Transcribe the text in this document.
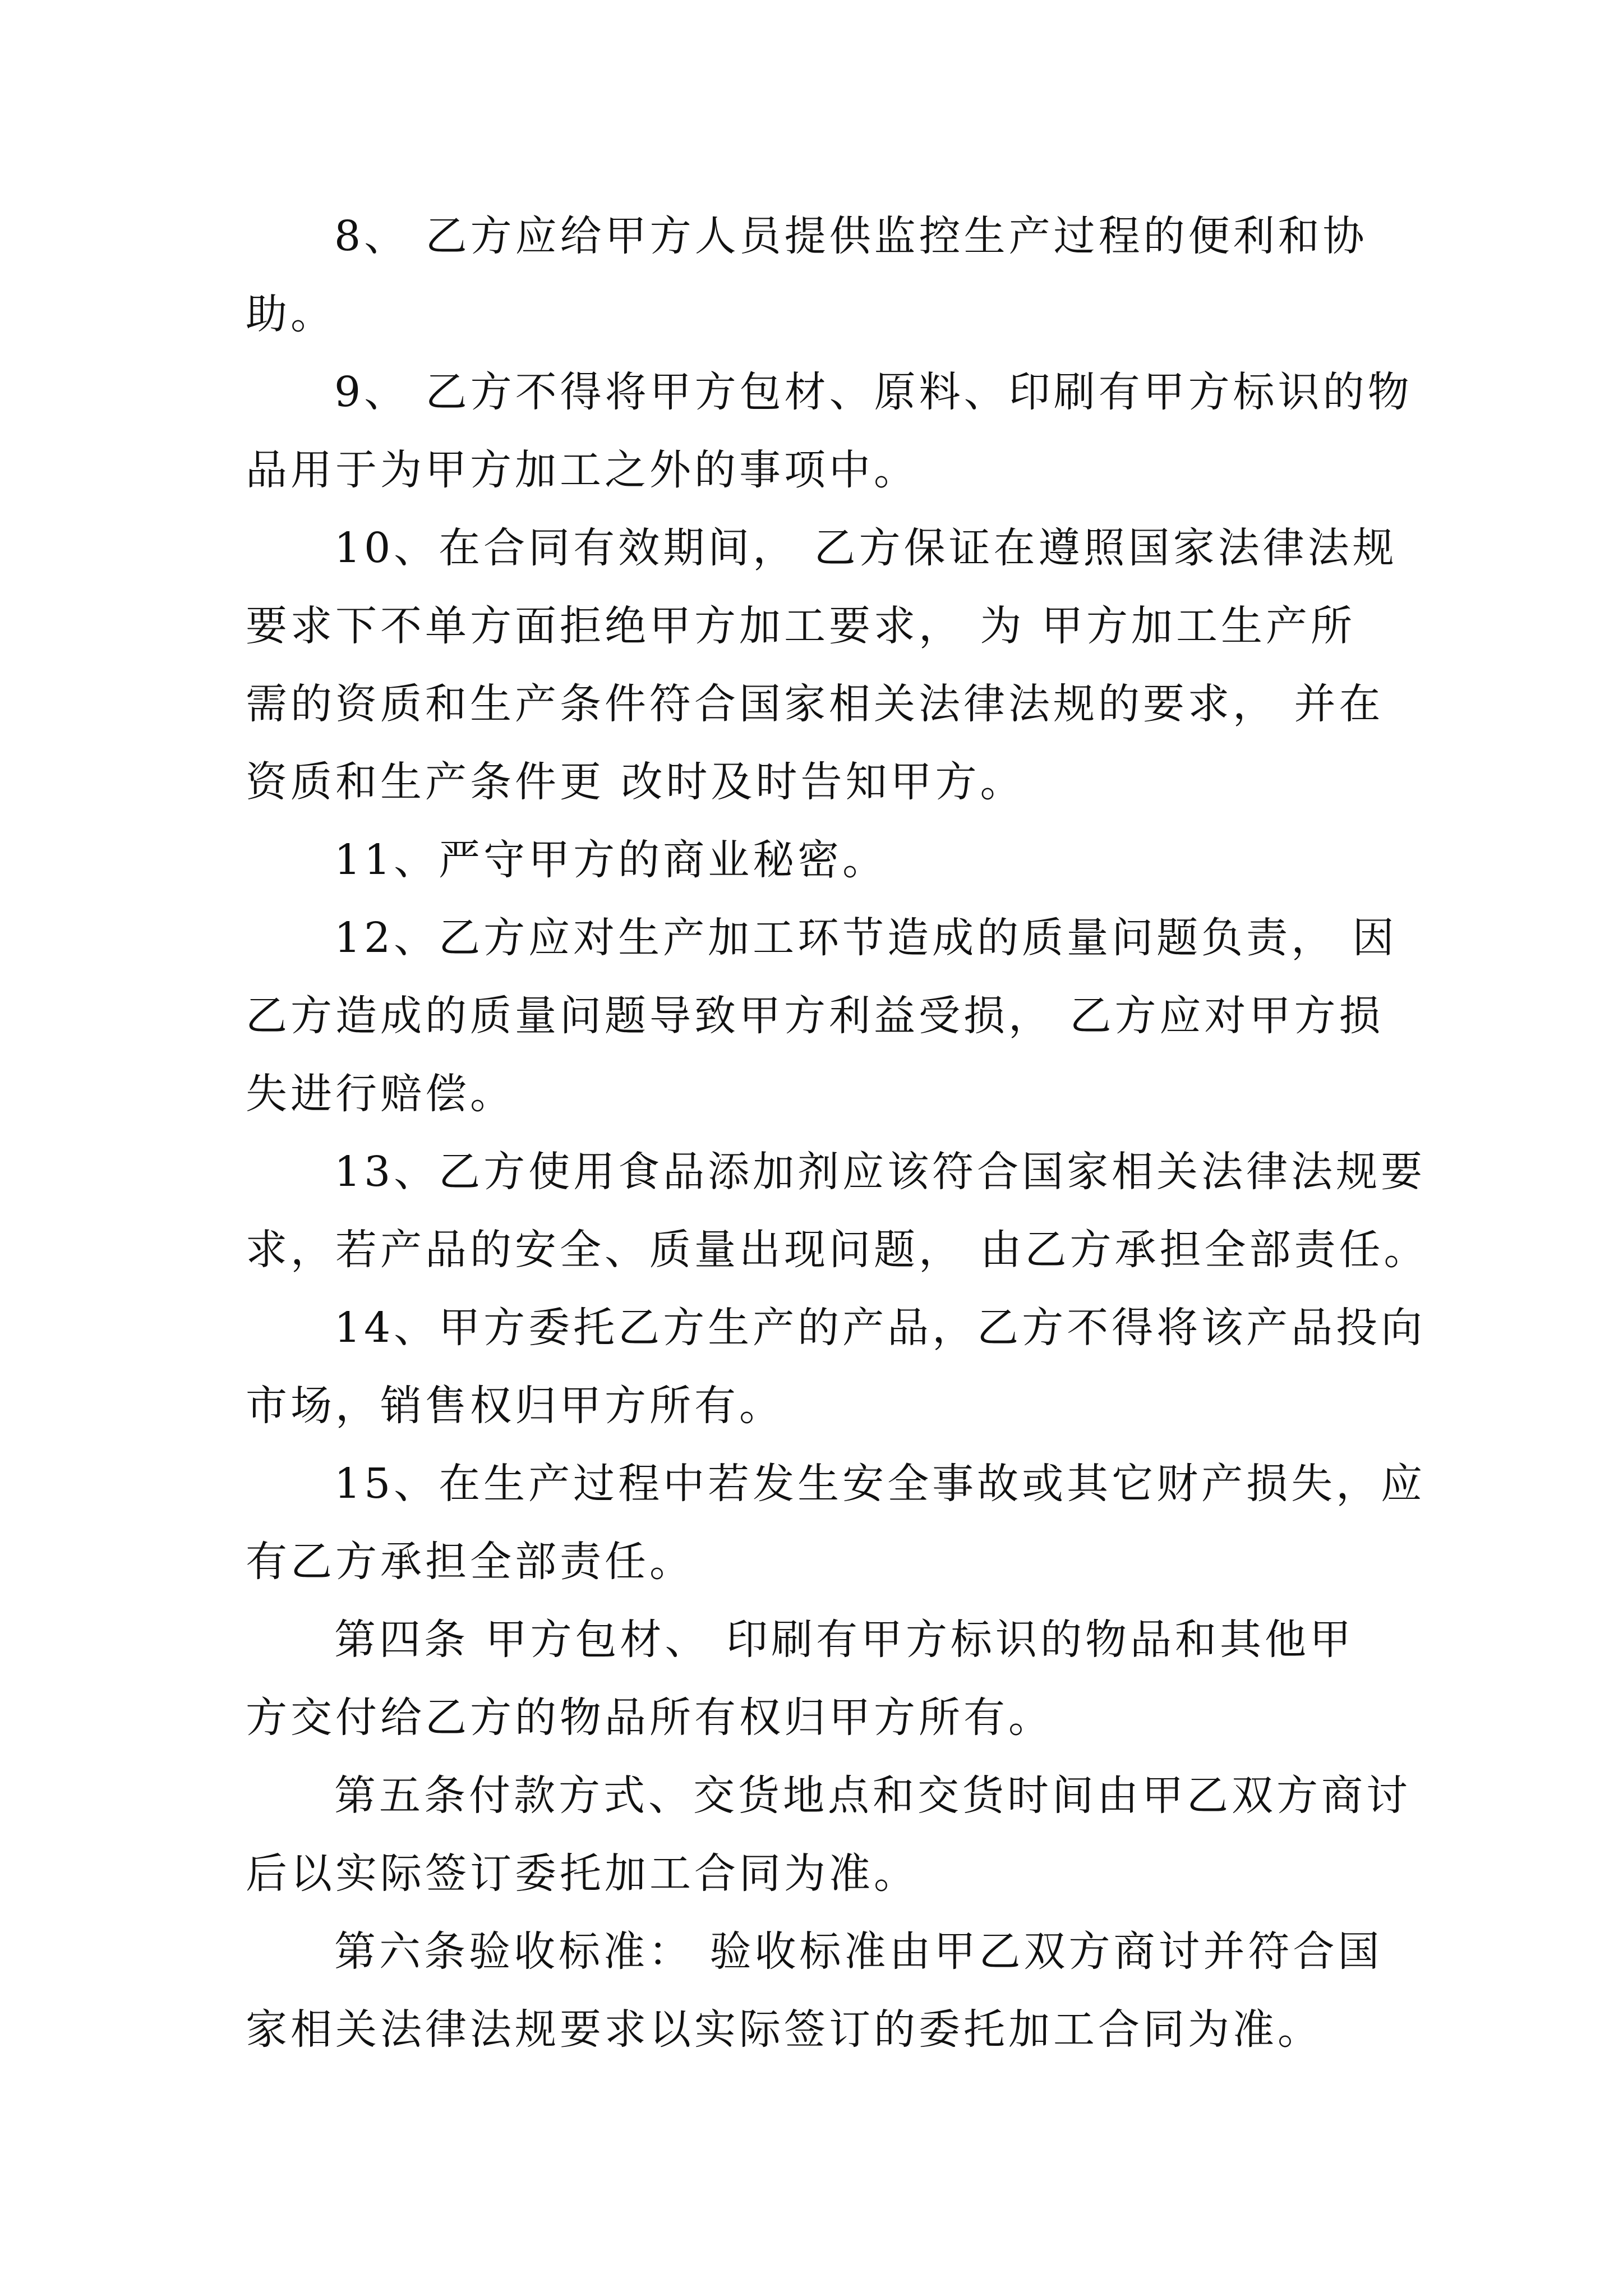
8、 乙方应给甲方人员提供监控生产过程的便利和协
助。
9、 乙方不得将甲方包材、原料、印刷有甲方标识的物
品用于为甲方加工之外的事项中。
10、在合同有效期间， 乙方保证在遵照国家法律法规
要求下不单方面拒绝甲方加工要求， 为 甲方加工生产所
需的资质和生产条件符合国家相关法律法规的要求， 并在
资质和生产条件更 改时及时告知甲方。
11、严守甲方的商业秘密。
12、乙方应对生产加工环节造成的质量问题负责， 因
乙方造成的质量问题导致甲方利益受损， 乙方应对甲方损
失进行赔偿。
13、乙方使用食品添加剂应该符合国家相关法律法规要
求，若产品的安全、质量出现问题， 由乙方承担全部责任。
14、甲方委托乙方生产的产品，乙方不得将该产品投向
市场，销售权归甲方所有。
15、在生产过程中若发生安全事故或其它财产损失，应
有乙方承担全部责任。
第四条 甲方包材、 印刷有甲方标识的物品和其他甲
方交付给乙方的物品所有权归甲方所有。
第五条付款方式、交货地点和交货时间由甲乙双方商讨
后以实际签订委托加工合同为准。
第六条验收标准： 验收标准由甲乙双方商讨并符合国
家相关法律法规要求以实际签订的委托加工合同为准。
